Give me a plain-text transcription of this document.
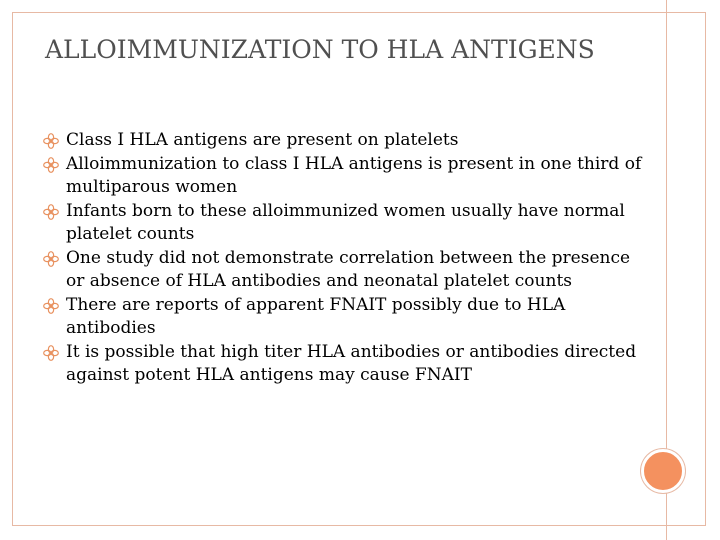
ALLOIMMUNIZATION TO HLA ANTIGENS
Class I HLA antigens are present on platelets
Alloimmunization to class I HLA antigens is present in one third of multiparous women
Infants born to these alloimmunized women usually have normal platelet counts
One study did not demonstrate correlation between the presence or absence of HLA antibodies and neonatal platelet counts
There are reports of apparent FNAIT possibly due to HLA antibodies
It is possible that high titer HLA antibodies or antibodies directed against potent HLA antigens may cause FNAIT
